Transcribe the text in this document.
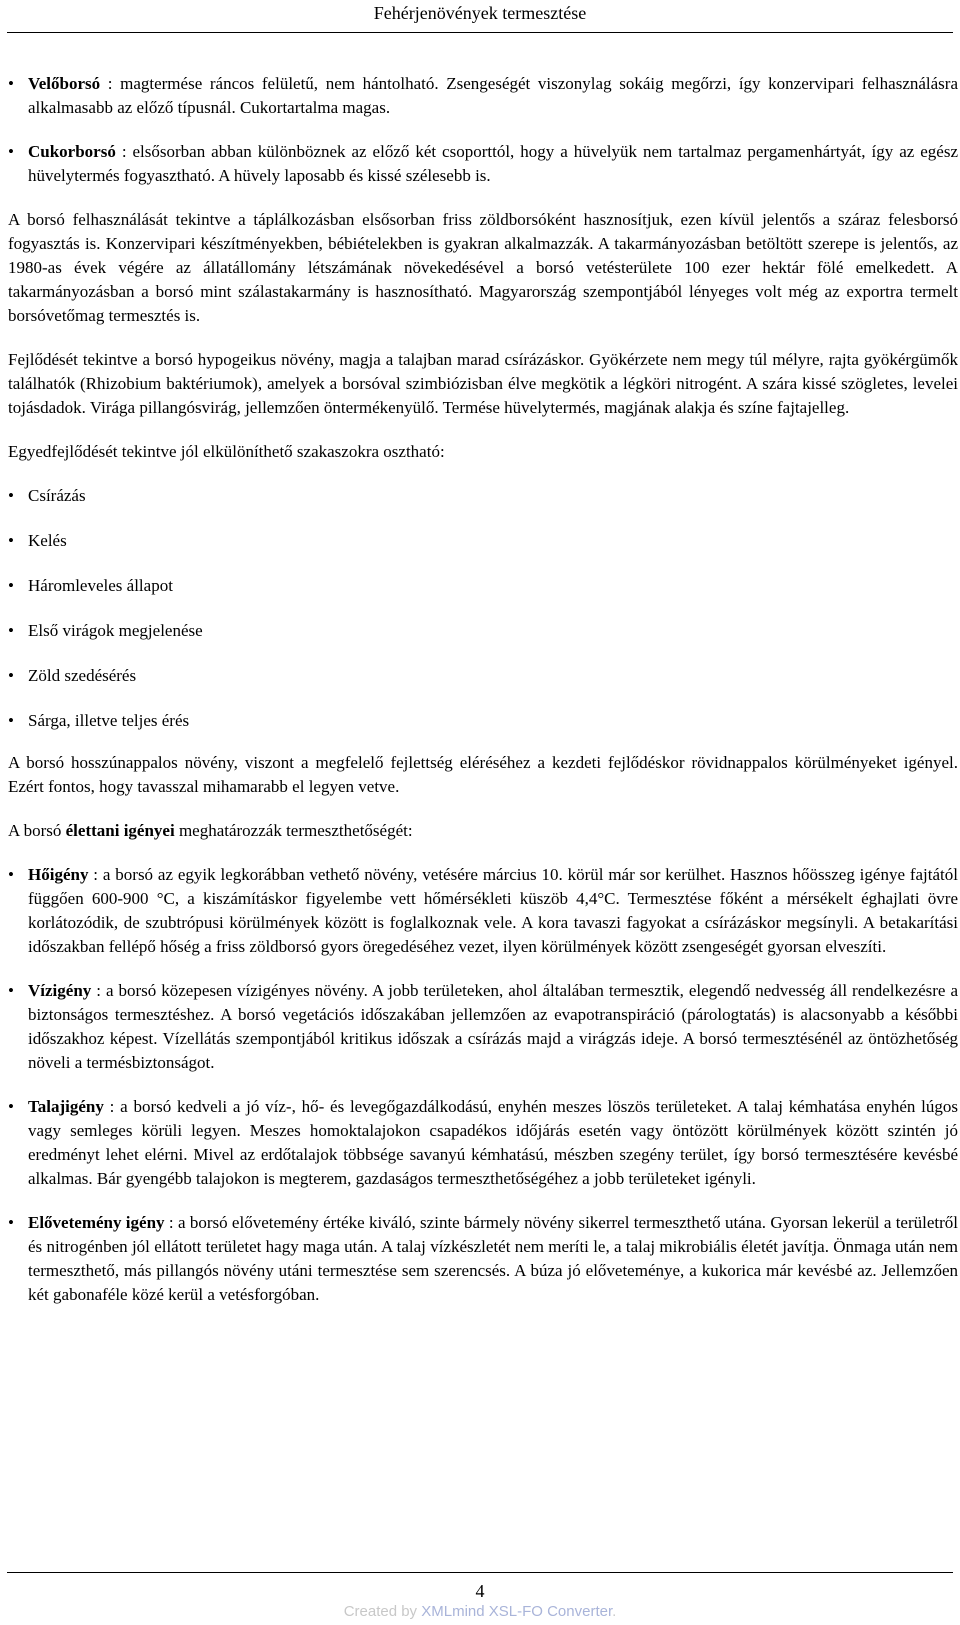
Fehérjenövények termesztése
• Velőborsó : magtermése ráncos felületű, nem hántolható. Zsengeségét viszonylag sokáig megőrzi, így konzervipari felhasználásra alkalmasabb az előző típusnál. Cukortartalma magas.
• Cukorborsó : elsősorban abban különböznek az előző két csoporttól, hogy a hüvelyük nem tartalmaz pergamenhártyát, így az egész hüvelytermés fogyasztható. A hüvely laposabb és kissé szélesebb is.

A borsó felhasználását tekintve a táplálkozásban elsősorban friss zöldborsóként hasznosítjuk, ezen kívül jelentős a száraz felesborsó fogyasztás is. Konzervipari készítményekben, bébiételekben is gyakran alkalmazzák. A takarmányozásban betöltött szerepe is jelentős, az 1980-as évek végére az állatállomány létszámának növekedésével a borsó vetésterülete 100 ezer hektár fölé emelkedett. A takarmányozásban a borsó mint szálastakarmány is hasznosítható. Magyarország szempontjából lényeges volt még az exportra termelt borsóvetőmag termesztés is.

Fejlődését tekintve a borsó hypogeikus növény, magja a talajban marad csírázáskor. Gyökérzete nem megy túl mélyre, rajta gyökérgümők találhatók (Rhizobium baktériumok), amelyek a borsóval szimbiózisban élve megkötik a légköri nitrogént. A szára kissé szögletes, levelei tojásdadok. Virága pillangósvirág, jellemzően öntermékenyülő. Termése hüvelytermés, magjának alakja és színe fajtajelleg.

Egyedfejlődését tekintve jól elkülöníthető szakaszokra osztható:

• Csírázás
• Kelés
• Háromleveles állapot
• Első virágok megjelenése
• Zöld szedésérés
• Sárga, illetve teljes érés

A borsó hosszúnappalos növény, viszont a megfelelő fejlettség eléréséhez a kezdeti fejlődéskor rövidnappalos körülményeket igényel. Ezért fontos, hogy tavasszal mihamarabb el legyen vetve.

A borsó élettani igényei meghatározzák termeszthetőségét:

• Hőigény : a borsó az egyik legkorábban vethető növény, vetésére március 10. körül már sor kerülhet. Hasznos hőösszeg igénye fajtától függően 600-900 °C, a kiszámításkor figyelembe vett hőmérsékleti küszöb 4,4°C. Termesztése főként a mérsékelt éghajlati övre korlátozódik, de szubtrópusi körülmények között is foglalkoznak vele. A kora tavaszi fagyokat a csírázáskor megsínyli. A betakarítási időszakban fellépő hőség a friss zöldborsó gyors öregedéséhez vezet, ilyen körülmények között zsengeségét gyorsan elveszíti.
• Vízigény : a borsó közepesen vízigényes növény. A jobb területeken, ahol általában termesztik, elegendő nedvesség áll rendelkezésre a biztonságos termesztéshez. A borsó vegetációs időszakában jellemzően az evapotranspiráció (párologtatás) is alacsonyabb a későbbi időszakhoz képest. Vízellátás szempontjából kritikus időszak a csírázás majd a virágzás ideje. A borsó termesztésénél az öntözhetőség növeli a termésbiztonságot.
• Talajigény : a borsó kedveli a jó víz-, hő- és levegőgazdálkodású, enyhén meszes löszös területeket. A talaj kémhatása enyhén lúgos vagy semleges körüli legyen. Meszes homoktalajokon csapadékos időjárás esetén vagy öntözött körülmények között szintén jó eredményt lehet elérni. Mivel az erdőtalajok többsége savanyú kémhatású, mészben szegény terület, így borsó termesztésére kevésbé alkalmas. Bár gyengébb talajokon is megterem, gazdaságos termeszthetőségéhez a jobb területeket igényli.
• Elővetemény igény : a borsó elővetemény értéke kiváló, szinte bármely növény sikerrel termeszthető utána. Gyorsan lekerül a területről és nitrogénben jól ellátott területet hagy maga után. A talaj vízkészletét nem meríti le, a talaj mikrobiális életét javítja. Önmaga után nem termeszthető, más pillangós növény utáni termesztése sem szerencsés. A búza jó előveteménye, a kukorica már kevésbé az. Jellemzően két gabonaféle közé kerül a vetésforgóban.
4
Created by XMLmind XSL-FO Converter.
